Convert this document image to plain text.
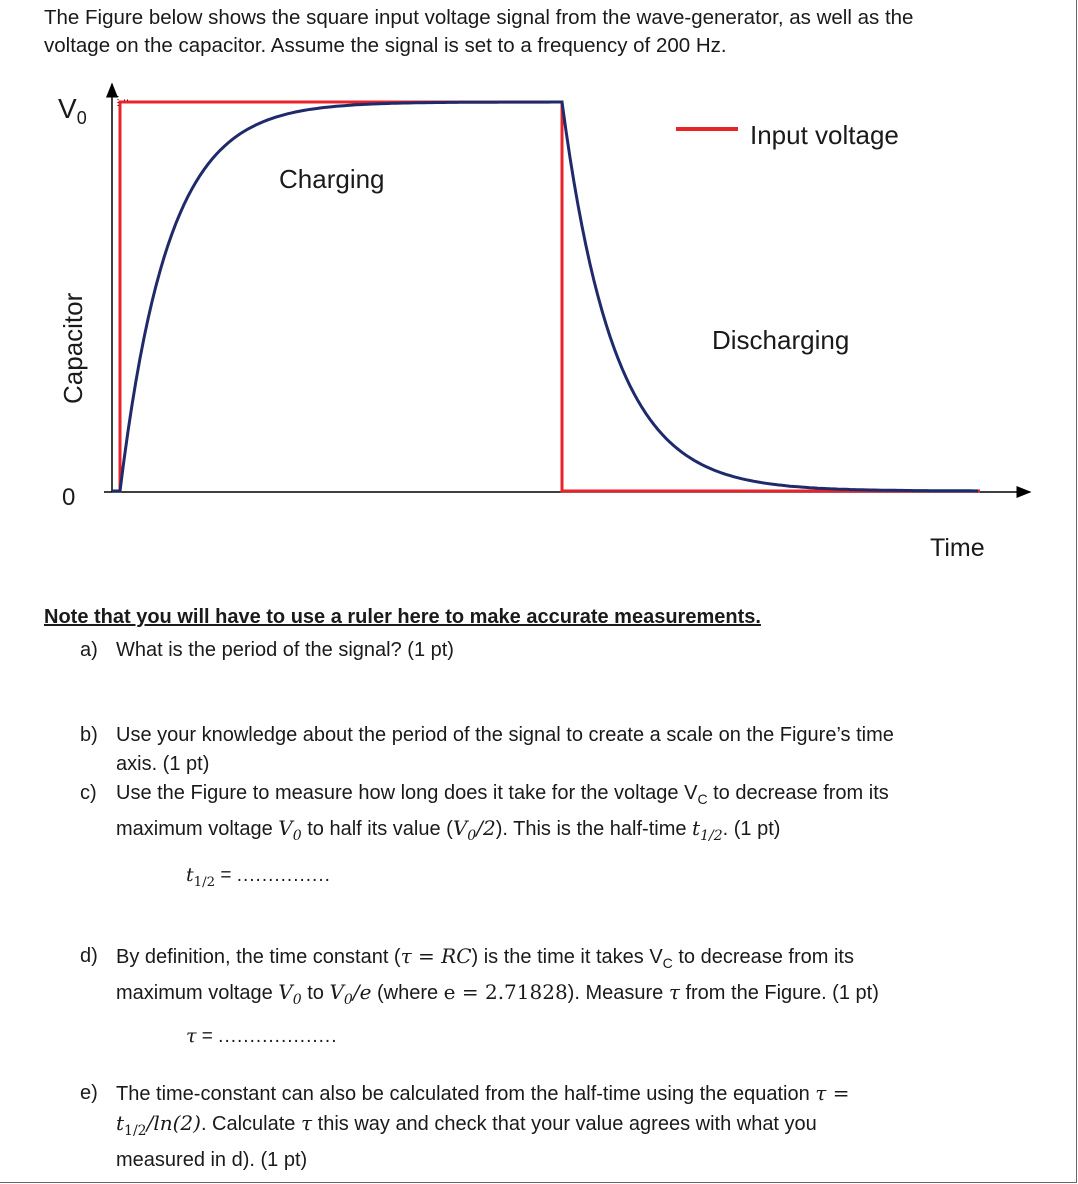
The Figure below shows the square input voltage signal from the wave-generator, as well as the
voltage on the capacitor. Assume the signal is set to a frequency of 200 Hz.

$V_0$
0
Capacitor
Time
Charging
Discharging
Input voltage

Note that you will have to use a ruler here to make accurate measurements.

a) What is the period of the signal? (1 pt)
b) Use your knowledge about the period of the signal to create a scale on the Figure’s time
axis. (1 pt)
c) Use the Figure to measure how long does it take for the voltage $V_C$ to decrease from its
maximum voltage $V_0$ to half its value $(V_0/2)$. This is the half-time $t_{1/2}$. (1 pt)
$t_{1/2}$ = ...............
d) By definition, the time constant (τ = RC) is the time it takes $V_C$ to decrease from its
maximum voltage $V_0$ to $V_0/e$ (where e = 2.71828). Measure τ from the Figure. (1 pt)
τ = ...................
e) The time-constant can also be calculated from the half-time using the equation τ =
$t_{1/2}/\ln(2)$. Calculate τ this way and check that your value agrees with what you
measured in d). (1 pt)
